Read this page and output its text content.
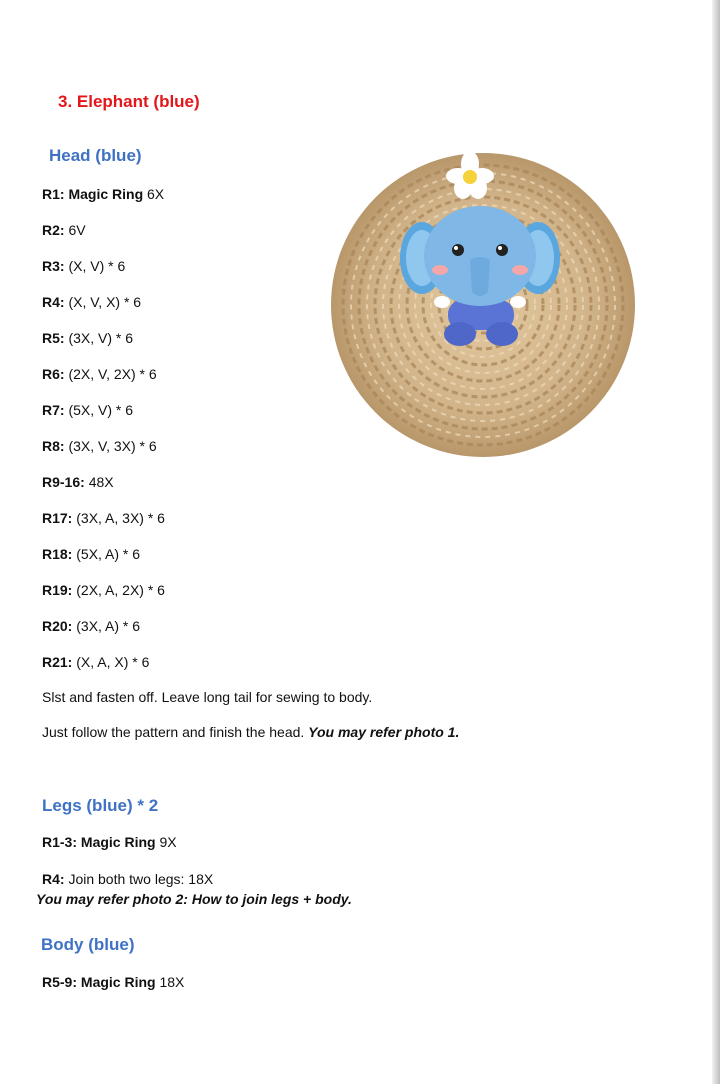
3. Elephant (blue)
Head (blue)
R1: Magic Ring 6X
R2: 6V
R3: (X, V) * 6
R4: (X, V, X) * 6
R5: (3X, V) * 6
R6: (2X, V, 2X) * 6
R7: (5X, V) * 6
R8: (3X, V, 3X) * 6
R9-16: 48X
R17: (3X, A, 3X) * 6
R18: (5X, A) * 6
R19: (2X, A, 2X) * 6
R20: (3X, A) * 6
R21: (X, A, X) * 6
Slst and fasten off. Leave long tail for sewing to body.
Just follow the pattern and finish the head. You may refer photo 1.
Legs (blue) * 2
R1-3: Magic Ring 9X
R4: Join both two legs: 18X
You may refer photo 2: How to join legs + body.
Body (blue)
R5-9: Magic Ring 18X
